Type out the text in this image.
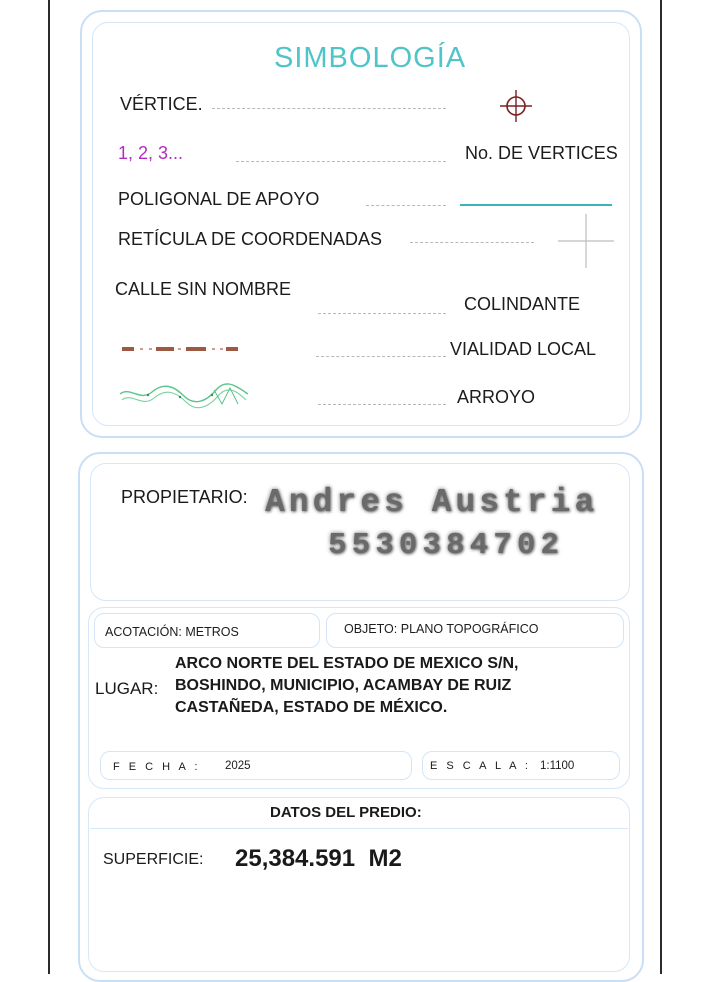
SIMBOLOGÍA
VÉRTICE.
1, 2, 3...	No. DE VERTICES
POLIGONAL DE APOYO
RETÍCULA DE COORDENADAS
CALLE SIN NOMBRE
COLINDANTE
VIALIDAD LOCAL
ARROYO
PROPIETARIO: Andres Austria
5530384702
ACOTACIÓN: METROS	OBJETO: PLANO TOPOGRÁFICO
LUGAR:
ARCO NORTE DEL ESTADO DE MEXICO S/N,
BOSHINDO, MUNICIPIO, ACAMBAY DE RUIZ
CASTAÑEDA, ESTADO DE MÉXICO.
F E C H A : 2025	E S C A L A : 1:1100
DATOS DEL PREDIO:
SUPERFICIE: 25,384.591  M2
